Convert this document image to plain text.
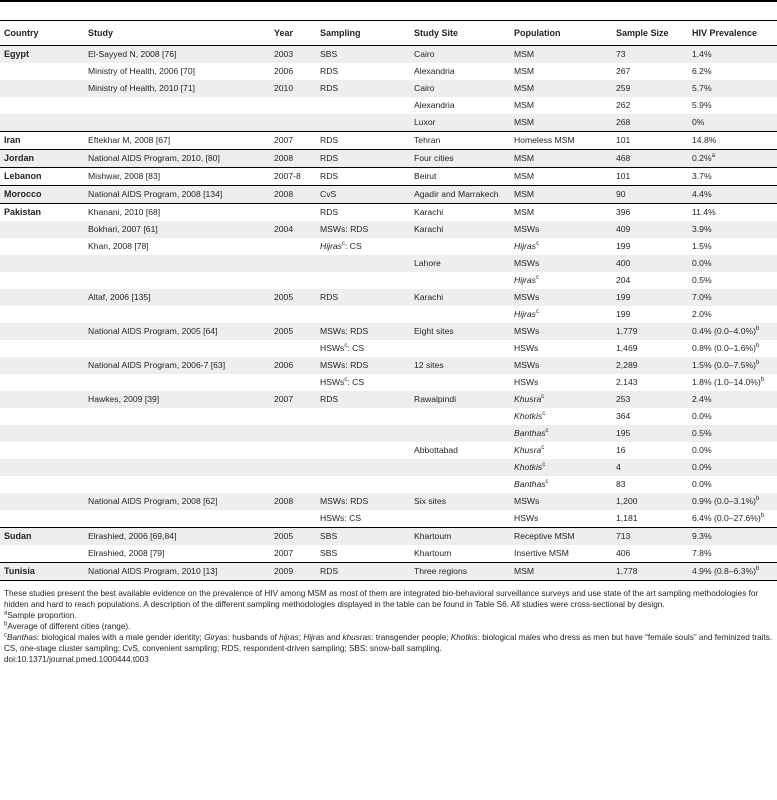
Country	Study	Year	Sampling	Study Site	Population	Sample Size	HIV Prevalence
Egypt	El-Sayyed N, 2008 [76]	2003	SBS	Cairo	MSM	73	1.4%
	Ministry of Health, 2006 [70]	2006	RDS	Alexandria	MSM	267	6.2%
	Ministry of Health, 2010 [71]	2010	RDS	Cairo	MSM	259	5.7%
				Alexandria	MSM	262	5.9%
				Luxor	MSM	268	0%
Iran	Eftekhar M, 2008 [67]	2007	RDS	Tehran	Homeless MSM	101	14.8%
Jordan	National AIDS Program, 2010, [80]	2008	RDS	Four cities	MSM	468	0.2%$^a$
Lebanon	Mishwar, 2008 [83]	2007-8	RDS	Beirut	MSM	101	3.7%
Morocco	National AIDS Program, 2008 [134]	2008	CvS	Agadir and Marrakech	MSM	90	4.4%
Pakistan	Khanani, 2010 [68]		RDS	Karachi	MSM	396	11.4%
	Bokhari, 2007 [61]	2004	MSWs: RDS	Karachi	MSWs	409	3.9%
	Khan, 2008 [78]		Hijras$^c$: CS		Hijras$^c$	199	1.5%
				Lahore	MSWs	400	0.0%
					Hijras$^c$	204	0.5%
	Altaf, 2006 [135]	2005	RDS	Karachi	MSWs	199	7.0%
					Hijras$^c$	199	2.0%
	National AIDS Program, 2005 [64]	2005	MSWs: RDS	Eight sites	MSWs	1,779	0.4% $(0.0-4.0\%)^b$
			HSWs$^c$: CS		HSWs	1,469	0.8% $(0.0-1.6\%)^b$
	National AIDS Program, 2006-7 [63]	2006	MSWs: RDS	12 sites	MSWs	2,289	1.5% $(0.0-7.5\%)^b$
			HSWs$^c$: CS		HSWs	2,143	1.8% $(1.0-14.0\%)^b$
	Hawkes, 2009 [39]	2007	RDS	Rawalpindi	Khusra$^c$	253	2.4%
					Khotkis$^c$	364	0.0%
					Banthas$^c$	195	0.5%
				Abbottabad	Khusra$^c$	16	0.0%
					Khotkis$^c$	4	0.0%
					Banthas$^c$	83	0.0%
	National AIDS Program, 2008 [62]	2008	MSWs: RDS	Six sites	MSWs	1,200	0.9% $(0.0-3.1\%)^b$
			HSWs: CS		HSWs	1,181	6.4% $(0.0-27.6\%)^b$
Sudan	Elrashied, 2006 [69,84]	2005	SBS	Khartoum	Receptive MSM	713	9.3%
	Elrashied, 2008 [79]	2007	SBS	Khartoum	Insertive MSM	406	7.8%
Tunisia	National AIDS Program, 2010 [13]	2009	RDS	Three regions	MSM	1,778	4.9% $(0.8-6.3\%)^b$

These studies present the best available evidence on the prevalence of HIV among MSM as most of them are integrated bio-behavioral surveillance surveys and use state of the art sampling methodologies for hidden and hard to reach populations. A description of the different sampling methodologies displayed in the table can be found in Table S6. All studies were cross-sectional by design.

$^a$Sample proportion.

$^b$Average of different cities (range).

$^c$Banthas: biological males with a male gender identity; Giryas: husbands of hijras; Hijras and khusras: transgender people; Khotkis: biological males who dress as men but have “female souls” and feminized traits.

CS, one-stage cluster sampling; CvS, convenient sampling; RDS, respondent-driven sampling; SBS: snow-ball sampling.

doi:10.1371/journal.pmed.1000444.t003
